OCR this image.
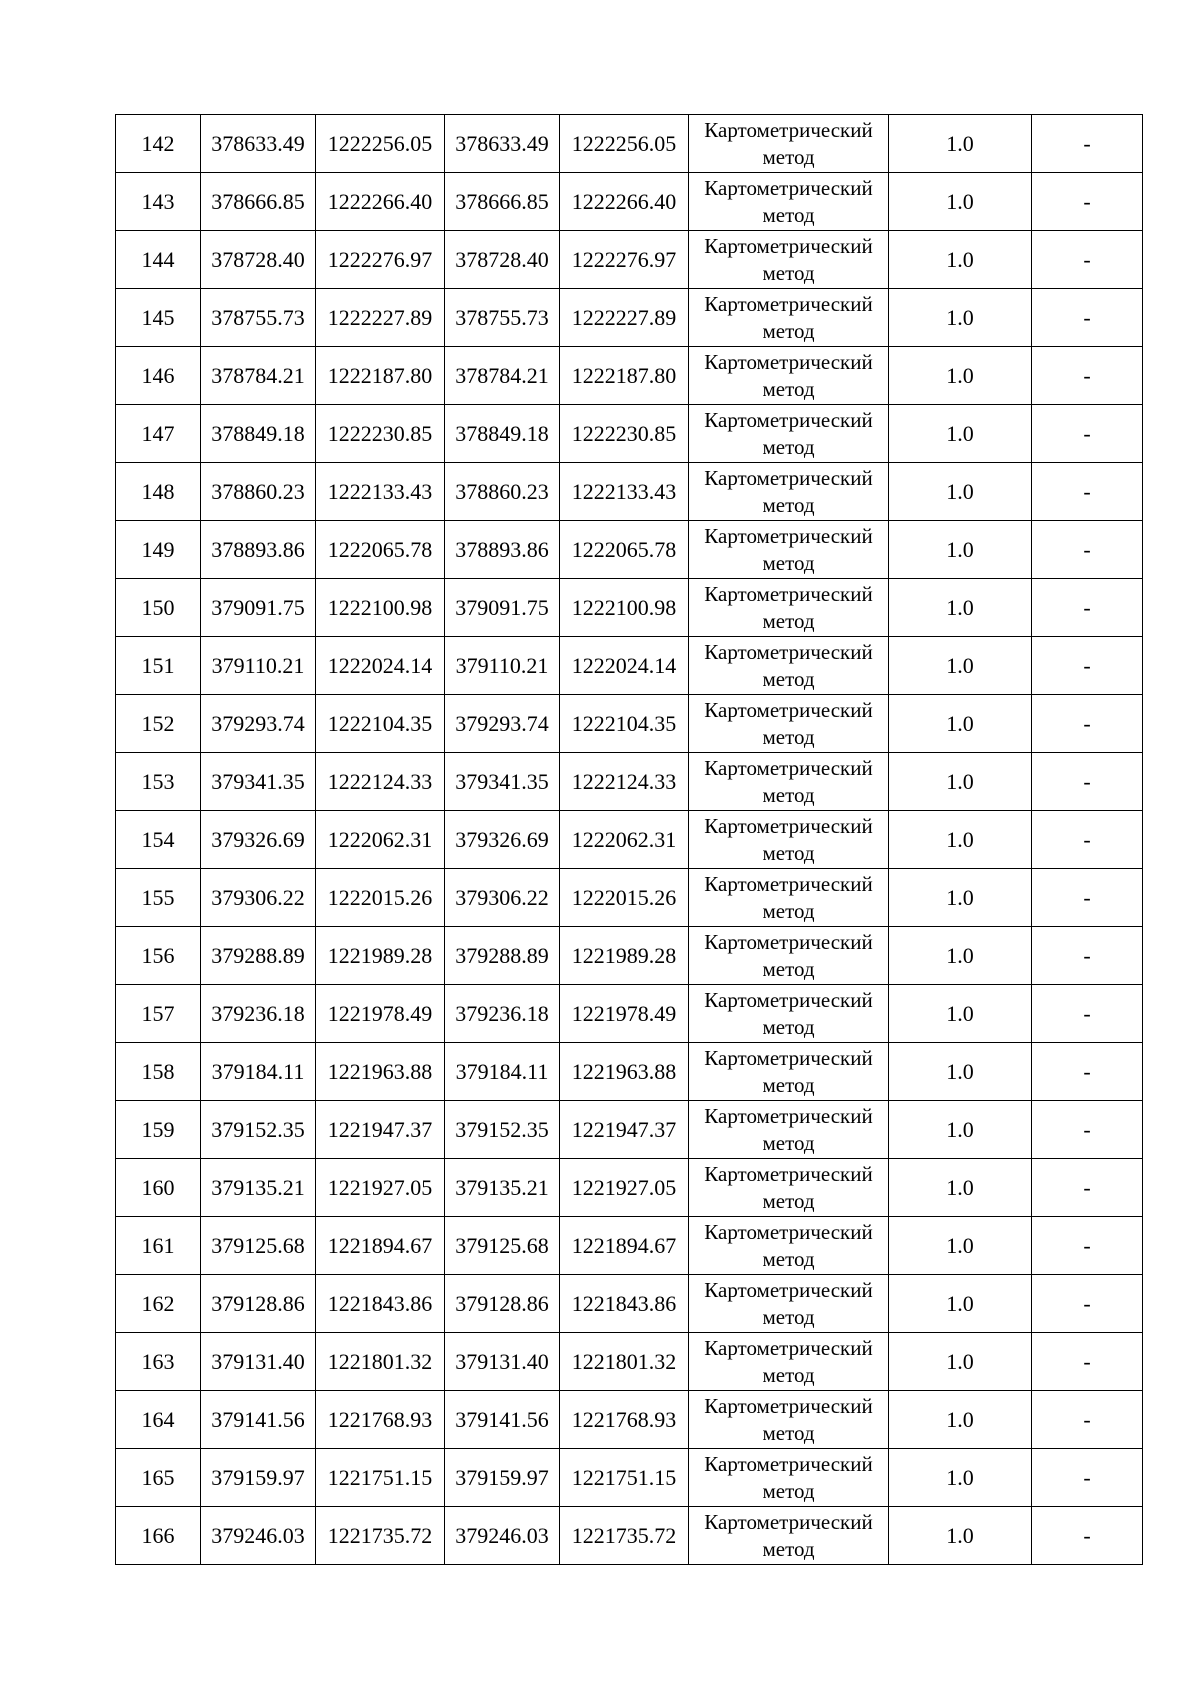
142	378633.49	1222256.05	378633.49	1222256.05	Картометрический
метод	1.0	-
143	378666.85	1222266.40	378666.85	1222266.40	Картометрический
метод	1.0	-
144	378728.40	1222276.97	378728.40	1222276.97	Картометрический
метод	1.0	-
145	378755.73	1222227.89	378755.73	1222227.89	Картометрический
метод	1.0	-
146	378784.21	1222187.80	378784.21	1222187.80	Картометрический
метод	1.0	-
147	378849.18	1222230.85	378849.18	1222230.85	Картометрический
метод	1.0	-
148	378860.23	1222133.43	378860.23	1222133.43	Картометрический
метод	1.0	-
149	378893.86	1222065.78	378893.86	1222065.78	Картометрический
метод	1.0	-
150	379091.75	1222100.98	379091.75	1222100.98	Картометрический
метод	1.0	-
151	379110.21	1222024.14	379110.21	1222024.14	Картометрический
метод	1.0	-
152	379293.74	1222104.35	379293.74	1222104.35	Картометрический
метод	1.0	-
153	379341.35	1222124.33	379341.35	1222124.33	Картометрический
метод	1.0	-
154	379326.69	1222062.31	379326.69	1222062.31	Картометрический
метод	1.0	-
155	379306.22	1222015.26	379306.22	1222015.26	Картометрический
метод	1.0	-
156	379288.89	1221989.28	379288.89	1221989.28	Картометрический
метод	1.0	-
157	379236.18	1221978.49	379236.18	1221978.49	Картометрический
метод	1.0	-
158	379184.11	1221963.88	379184.11	1221963.88	Картометрический
метод	1.0	-
159	379152.35	1221947.37	379152.35	1221947.37	Картометрический
метод	1.0	-
160	379135.21	1221927.05	379135.21	1221927.05	Картометрический
метод	1.0	-
161	379125.68	1221894.67	379125.68	1221894.67	Картометрический
метод	1.0	-
162	379128.86	1221843.86	379128.86	1221843.86	Картометрический
метод	1.0	-
163	379131.40	1221801.32	379131.40	1221801.32	Картометрический
метод	1.0	-
164	379141.56	1221768.93	379141.56	1221768.93	Картометрический
метод	1.0	-
165	379159.97	1221751.15	379159.97	1221751.15	Картометрический
метод	1.0	-
166	379246.03	1221735.72	379246.03	1221735.72	Картометрический
метод	1.0	-
